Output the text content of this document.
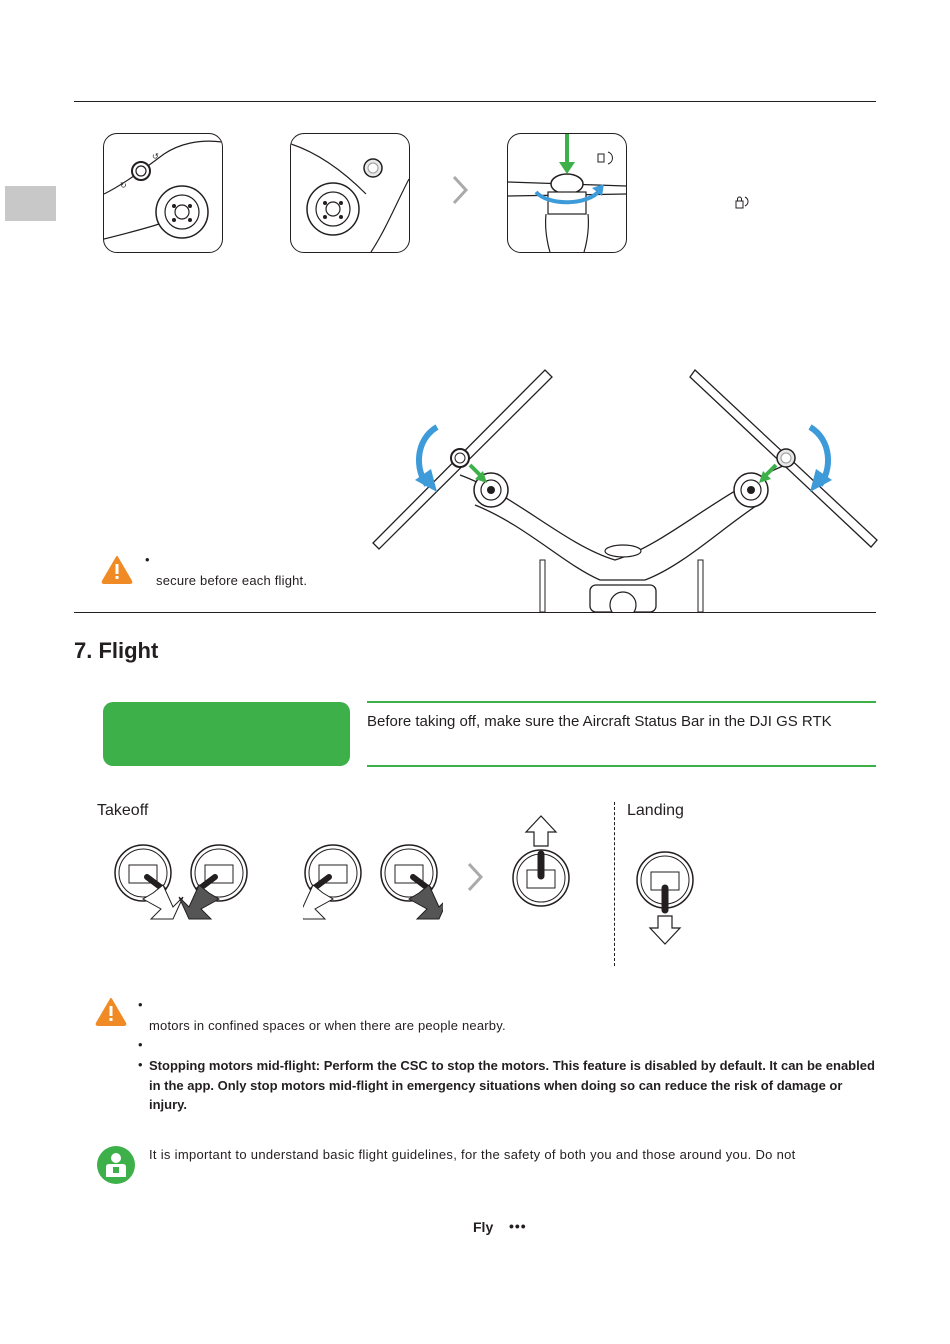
↺
↻
•
secure before each flight.
7. Flight
Before taking off, make sure the Aircraft Status Bar in the DJI GS RTK
Takeoff	Landing
•
motors in confined spaces or when there are people nearby.
•
• Stopping motors mid-flight: Perform the CSC to stop the motors. This feature is disabled by default. It can be enabled in the app. Only stop motors mid-flight in emergency situations when doing so can reduce the risk of damage or injury.
It is important to understand basic flight guidelines, for the safety of both you and those around you. Do not
Fly •••
